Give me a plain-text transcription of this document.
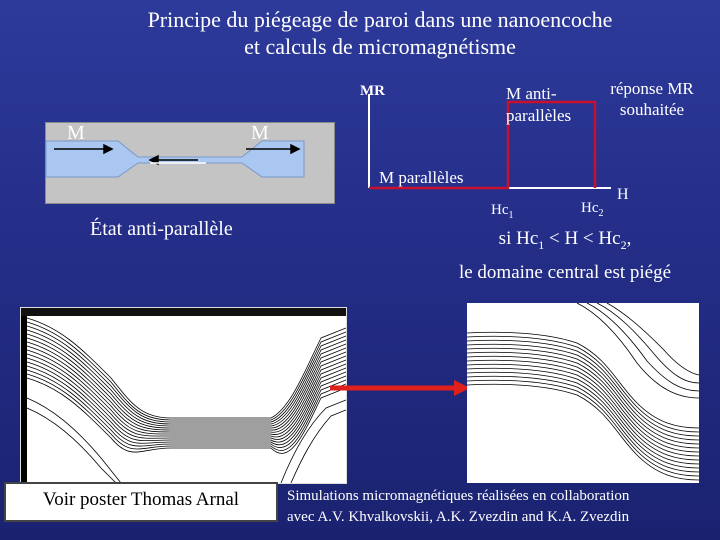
Principe du piégeage de paroi dans une nanoencoche
et calculs de micromagnétisme
M	M
État anti-parallèle
MR	M anti-
parallèles
réponse MR
souhaitée
M parallèles
$Hc_1$	$Hc_2$
H
si $Hc_1 < H < Hc_2$,
le domaine central est piégé
Voir poster Thomas Arnal	Simulations micromagnétiques réalisées en collaboration
avec A.V. Khvalkovskii, A.K. Zvezdin and K.A. Zvezdin
